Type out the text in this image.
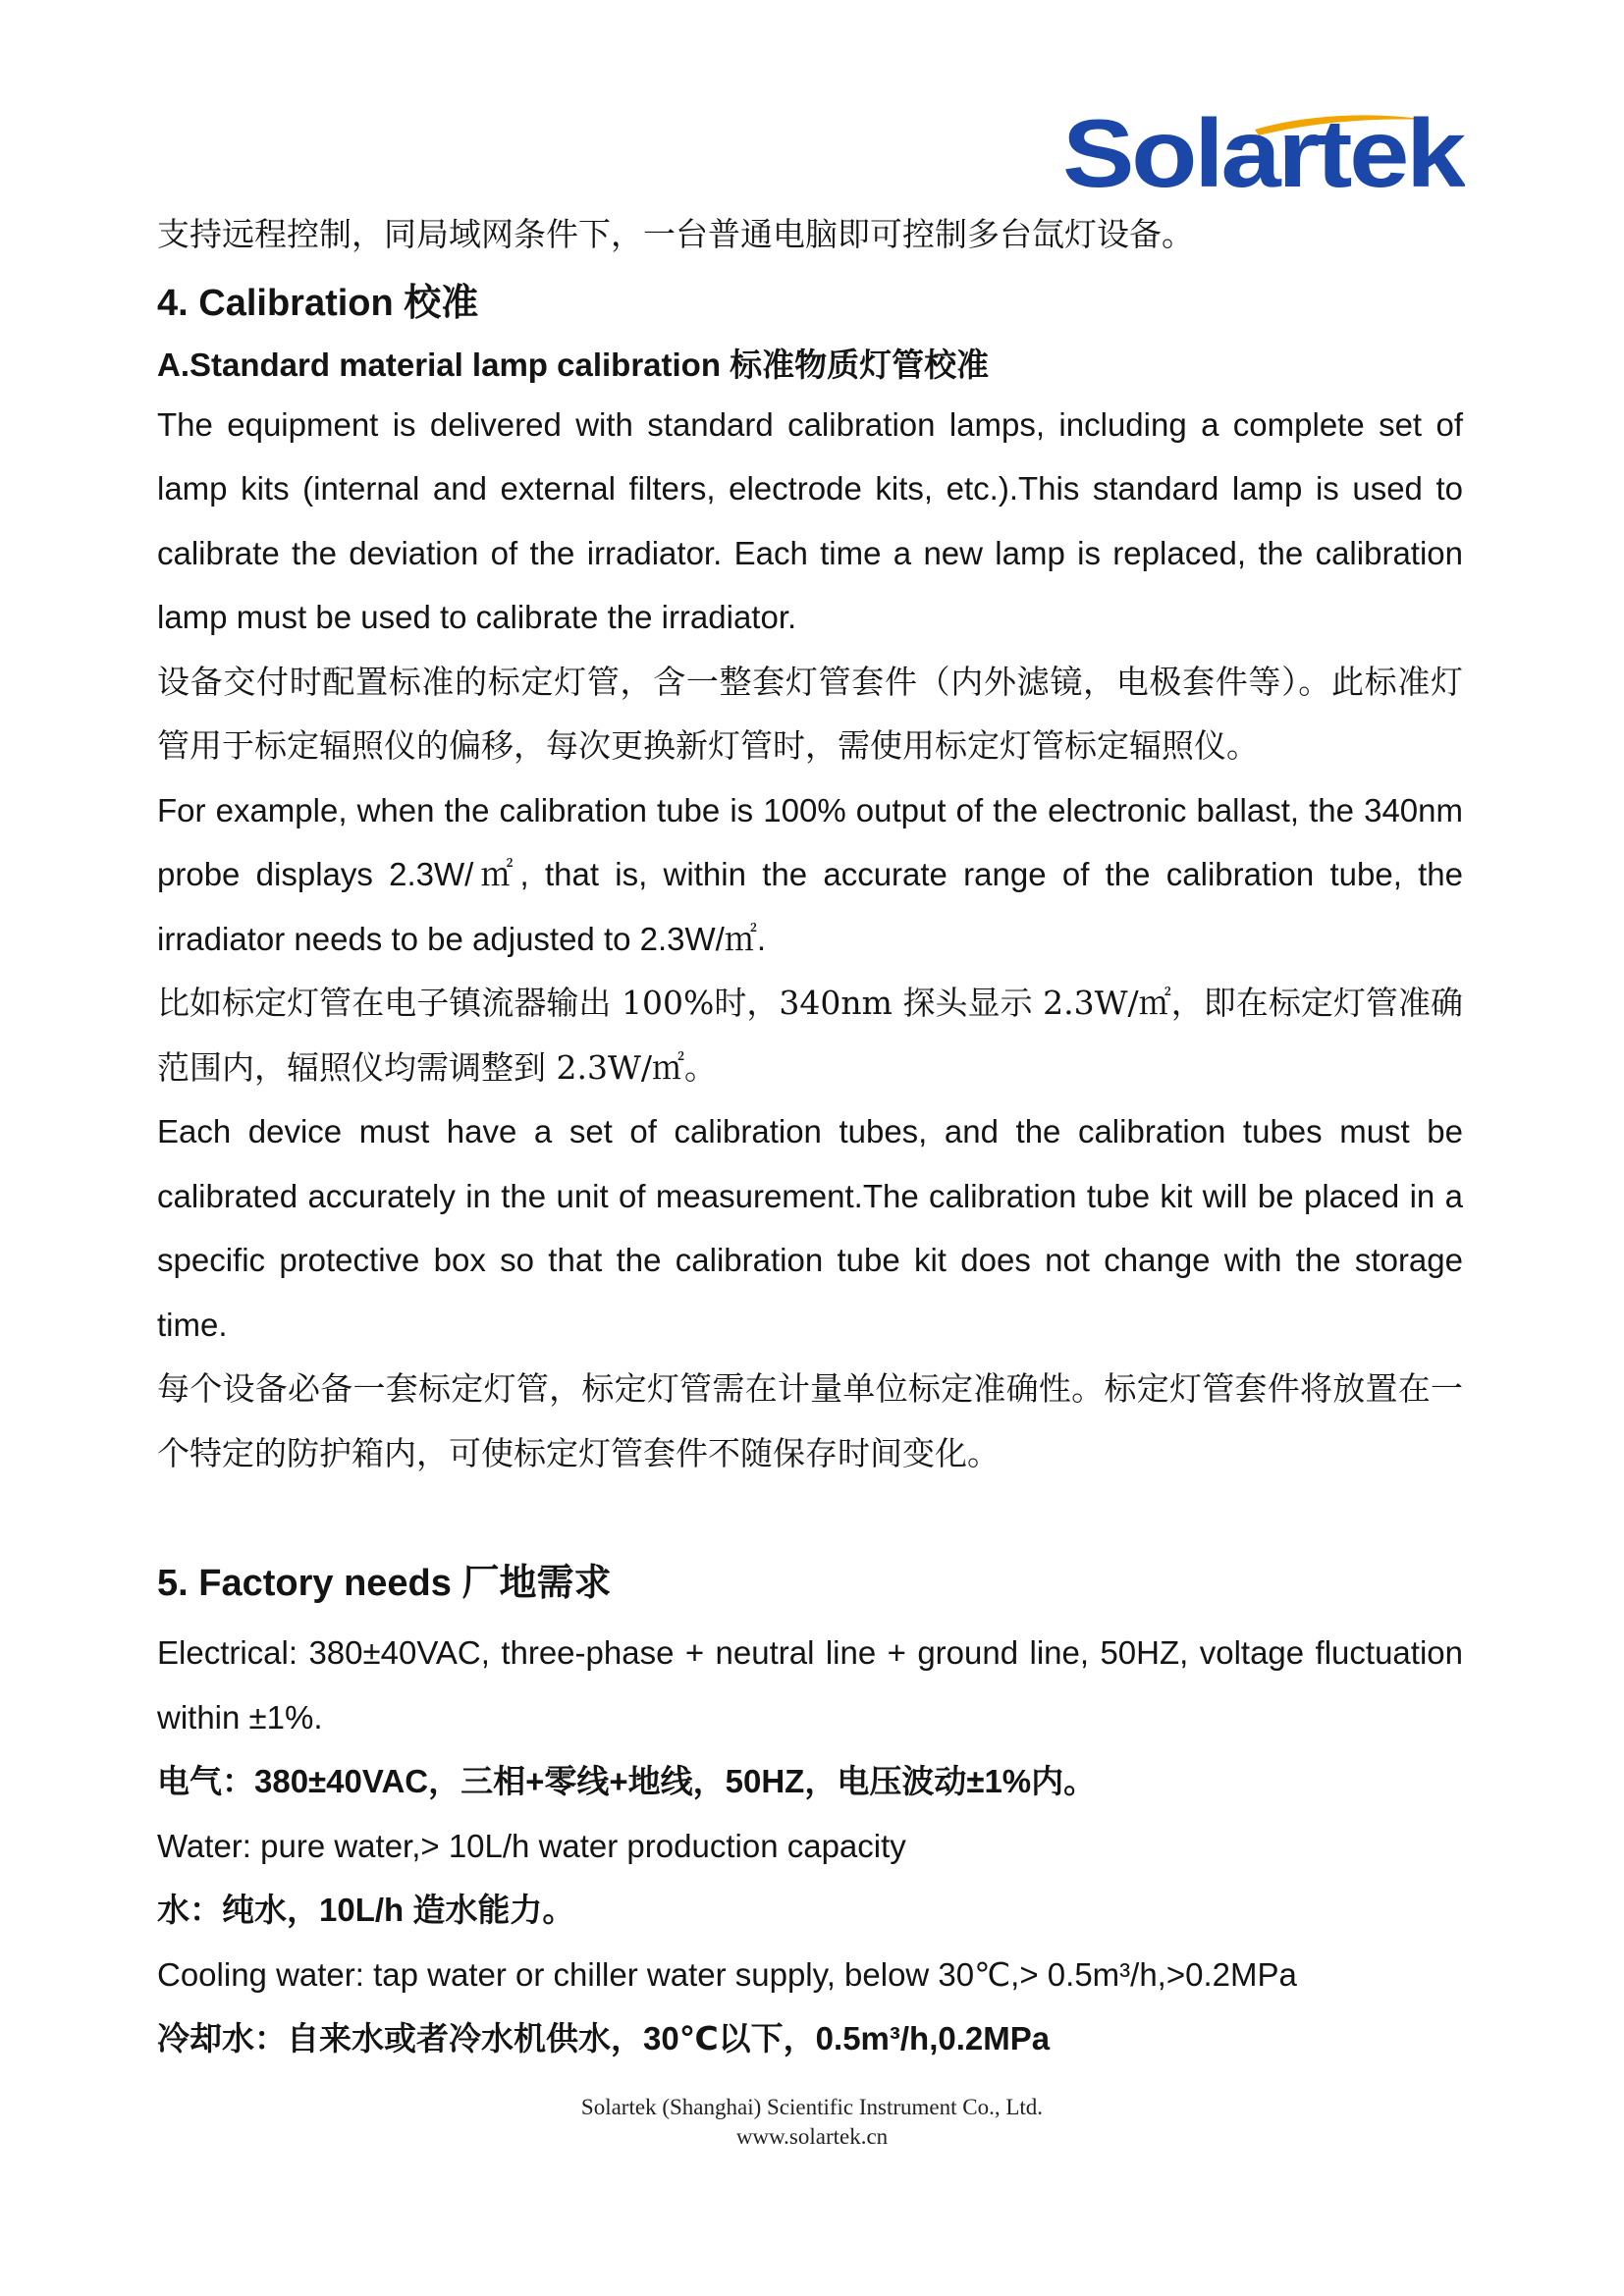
Solartek

支持远程控制，同局域网条件下，一台普通电脑即可控制多台氙灯设备。

4. Calibration 校准
A.Standard material lamp calibration 标准物质灯管校准

The equipment is delivered with standard calibration lamps, including a complete set of lamp kits (internal and external filters, electrode kits, etc.).This standard lamp is used to calibrate the deviation of the irradiator. Each time a new lamp is replaced, the calibration lamp must be used to calibrate the irradiator.

设备交付时配置标准的标定灯管，含一整套灯管套件（内外滤镜，电极套件等）。此标准灯管用于标定辐照仪的偏移，每次更换新灯管时，需使用标定灯管标定辐照仪。

For example, when the calibration tube is 100% output of the electronic ballast, the 340nm probe displays 2.3W/㎡, that is, within the accurate range of the calibration tube, the irradiator needs to be adjusted to 2.3W/㎡.

比如标定灯管在电子镇流器输出 100%时，340nm 探头显示 2.3W/㎡，即在标定灯管准确范围内，辐照仪均需调整到 2.3W/㎡。

Each device must have a set of calibration tubes, and the calibration tubes must be calibrated accurately in the unit of measurement.The calibration tube kit will be placed in a specific protective box so that the calibration tube kit does not change with the storage time.

每个设备必备一套标定灯管，标定灯管需在计量单位标定准确性。标定灯管套件将放置在一个特定的防护箱内，可使标定灯管套件不随保存时间变化。

5. Factory needs 厂地需求

Electrical: 380±40VAC, three-phase + neutral line + ground line, 50HZ, voltage fluctuation within ±1%.

电气：380±40VAC，三相+零线+地线，50HZ，电压波动±1%内。

Water: pure water,> 10L/h water production capacity

水：纯水，10L/h 造水能力。

Cooling water: tap water or chiller water supply, below 30℃,> 0.5m³/h,>0.2MPa

冷却水：自来水或者冷水机供水，30℃以下，0.5m³/h,0.2MPa

Solartek (Shanghai) Scientific Instrument Co., Ltd.
www.solartek.cn
